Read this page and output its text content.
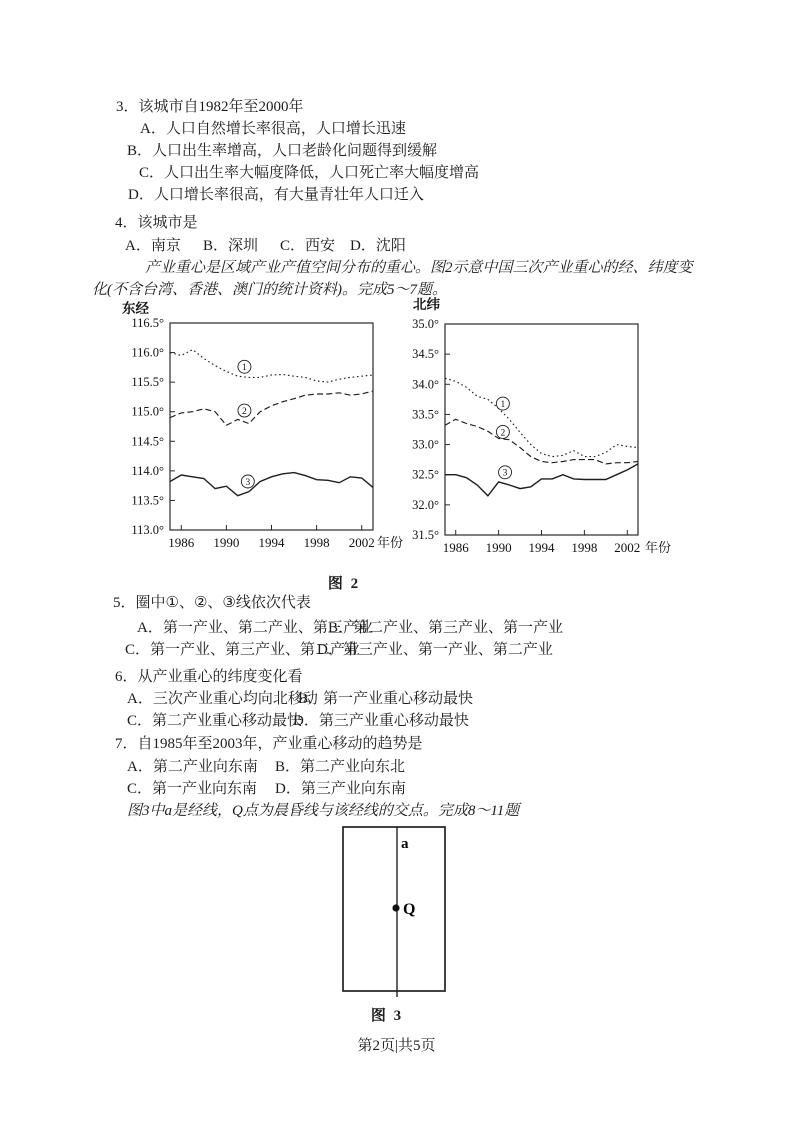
3．该城市自1982年至2000年
A．人口自然增长率很高，人口增长迅速
B．人口出生率增高，人口老龄化问题得到缓解
C．人口出生率大幅度降低，人口死亡率大幅度增高
D．人口增长率很高，有大量青壮年人口迁入
4．该城市是
A．南京 B．深圳 C．西安 D．沈阳
产业重心是区域产业产值空间分布的重心。图2示意中国三次产业重心的经、纬度变
化(不含台湾、香港、澳门的统计资料)。完成5～7题。
116.5°
116.0°
115.5°
115.0°
114.5°
114.0°
113.5°
113.0°
1986 1990 1994 1998 2002
1
2
3
东经
年份
35.0°
34.5°
34.0°
33.5°
33.0°
32.5°
32.0°
31.5°
1986 1990 1994 1998 2002
1
2
3
北纬
年份
图 2
5．圈中①、②、③线依次代表
A．第一产业、第二产业、第三产业
B．第二产业、第三产业、第一产业
C．第一产业、第三产业、第二产业
D．第三产业、第一产业、第二产业
6．从产业重心的纬度变化看
A．三次产业重心均向北移动
B．第一产业重心移动最快
C．第二产业重心移动最快
D．第三产业重心移动最快
7．自1985年至2003年，产业重心移动的趋势是
A．第二产业向东南 B．第二产业向东北
C．第一产业向东南 D．第三产业向东南
图3中a是经线，Q点为晨昏线与该经线的交点。完成8～11题
a
Q
图 3
第2页|共5页
